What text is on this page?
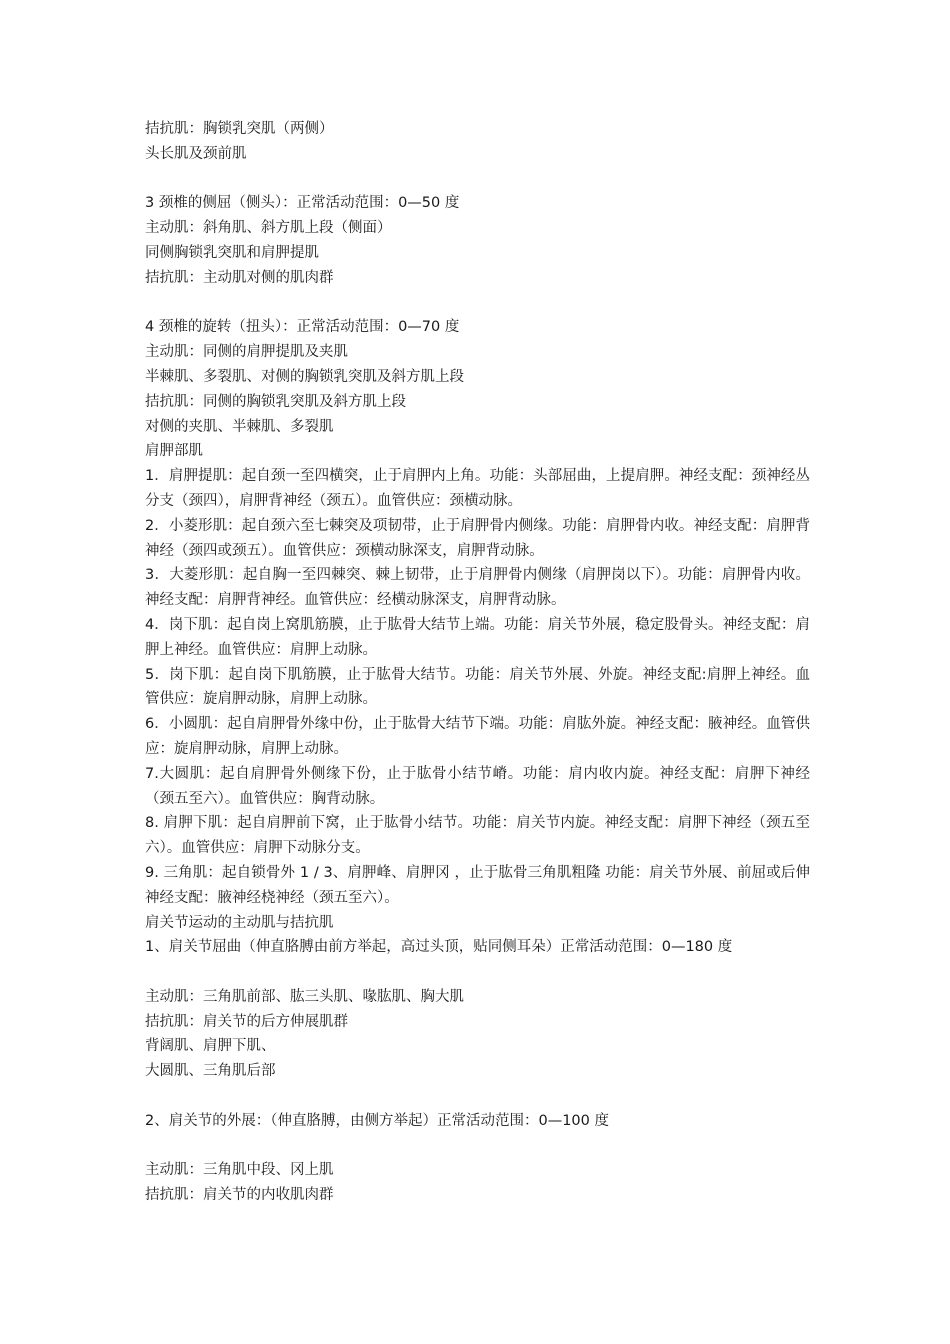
拮抗肌：胸锁乳突肌（两侧）
头长肌及颈前肌
3 颈椎的侧屈（侧头）：正常活动范围：0—50 度
主动肌：斜角肌、斜方肌上段（侧面）
同侧胸锁乳突肌和肩胛提肌
拮抗肌：主动肌对侧的肌肉群
4 颈椎的旋转（扭头）：正常活动范围：0—70 度
主动肌：同侧的肩胛提肌及夹肌
半棘肌、多裂肌、对侧的胸锁乳突肌及斜方肌上段
拮抗肌：同侧的胸锁乳突肌及斜方肌上段
对侧的夹肌、半棘肌、多裂肌
肩胛部肌
1．肩胛提肌：起自颈一至四横突，止于肩胛内上角。功能：头部屈曲，上提肩胛。神经支配：颈神经丛分支（颈四），肩胛背神经（颈五）。血管供应：颈横动脉。
2．小菱形肌：起自颈六至七棘突及项韧带，止于肩胛骨内侧缘。功能：肩胛骨内收。神经支配：肩胛背神经（颈四或颈五）。血管供应：颈横动脉深支，肩胛背动脉。
3．大菱形肌：起自胸一至四棘突、棘上韧带，止于肩胛骨内侧缘（肩胛岗以下）。功能：肩胛骨内收。神经支配：肩胛背神经。血管供应：经横动脉深支，肩胛背动脉。
4．岗下肌：起自岗上窝肌筋膜，止于肱骨大结节上端。功能：肩关节外展，稳定股骨头。神经支配：肩胛上神经。血管供应：肩胛上动脉。
5．岗下肌：起自岗下肌筋膜，止于肱骨大结节。功能：肩关节外展、外旋。神经支配:肩胛上神经。血管供应：旋肩胛动脉，肩胛上动脉。
6．小圆肌：起自肩胛骨外缘中份，止于肱骨大结节下端。功能：肩肱外旋。神经支配：腋神经。血管供应：旋肩胛动脉，肩胛上动脉。
7.大圆肌：起自肩胛骨外侧缘下份，止于肱骨小结节嵴。功能：肩内收内旋。神经支配：肩胛下神经（颈五至六）。血管供应：胸背动脉。
8. 肩胛下肌：起自肩胛前下窝，止于肱骨小结节。功能：肩关节内旋。神经支配：肩胛下神经（颈五至六）。血管供应：肩胛下动脉分支。
9. 三角肌：起自锁骨外 1 / 3、肩胛峰、肩胛冈 ，止于肱骨三角肌粗隆 功能：肩关节外展、前屈或后伸 神经支配：腋神经桡神经（颈五至六）。
肩关节运动的主动肌与拮抗肌
1、肩关节屈曲（伸直胳膊由前方举起，高过头顶，贴同侧耳朵）正常活动范围：0—180 度
主动肌：三角肌前部、肱三头肌、喙肱肌、胸大肌
拮抗肌：肩关节的后方伸展肌群
背阔肌、肩胛下肌、
大圆肌、三角肌后部
2、肩关节的外展：（伸直胳膊，由侧方举起）正常活动范围：0—100 度
主动肌：三角肌中段、冈上肌
拮抗肌：肩关节的内收肌肉群
